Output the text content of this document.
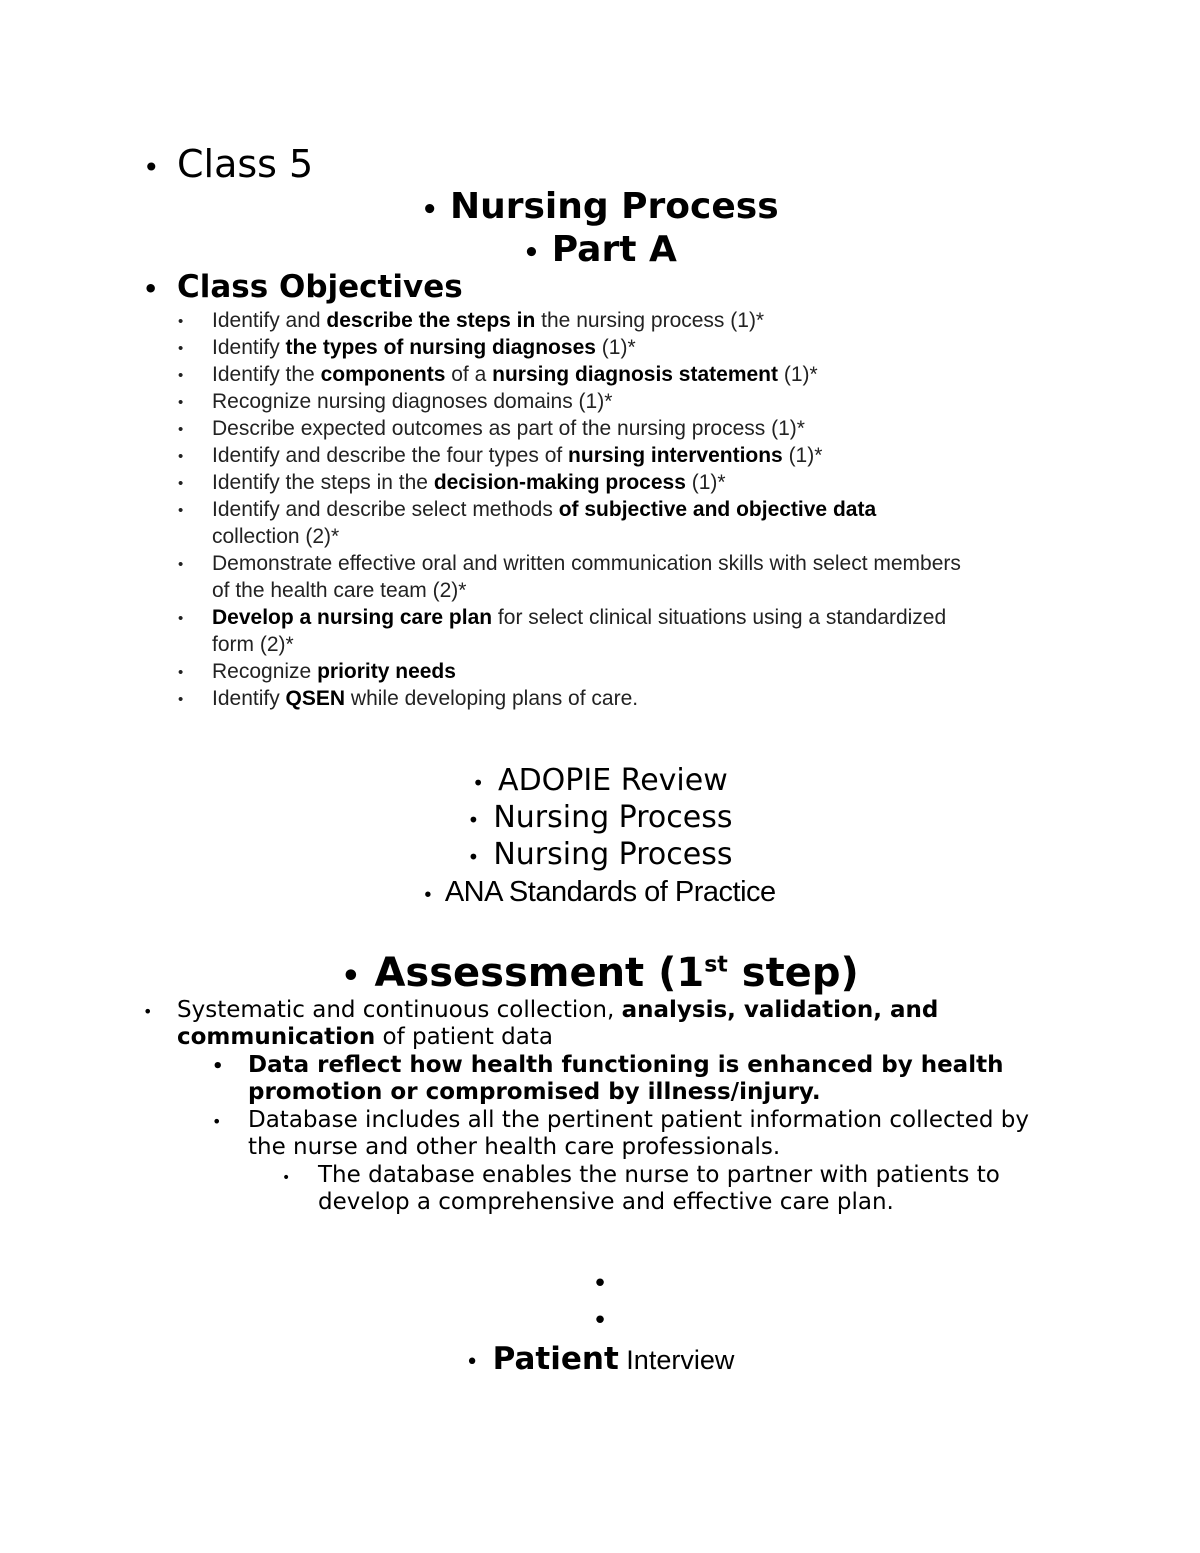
• Class 5
• Nursing Process
• Part A
• Class Objectives
• Identify and describe the steps in the nursing process (1)*
• Identify the types of nursing diagnoses (1)*
• Identify the components of a nursing diagnosis statement (1)*
• Recognize nursing diagnoses domains (1)*
• Describe expected outcomes as part of the nursing process (1)*
• Identify and describe the four types of nursing interventions (1)*
• Identify the steps in the decision-making process (1)*
• Identify and describe select methods of subjective and objective data
collection (2)*
• Demonstrate effective oral and written communication skills with select members
of the health care team (2)*
• Develop a nursing care plan for select clinical situations using a standardized
form (2)*
• Recognize priority needs
• Identify QSEN while developing plans of care.
• ADOPIE Review
• Nursing Process
• Nursing Process
• ANA Standards of Practice
• Assessment (1st step)
• Systematic and continuous collection, analysis, validation, and
communication of patient data
• Data reflect how health functioning is enhanced by health
promotion or compromised by illness/injury.
• Database includes all the pertinent patient information collected by
the nurse and other health care professionals.
• The database enables the nurse to partner with patients to
develop a comprehensive and effective care plan.
•
•
• Patient Interview
